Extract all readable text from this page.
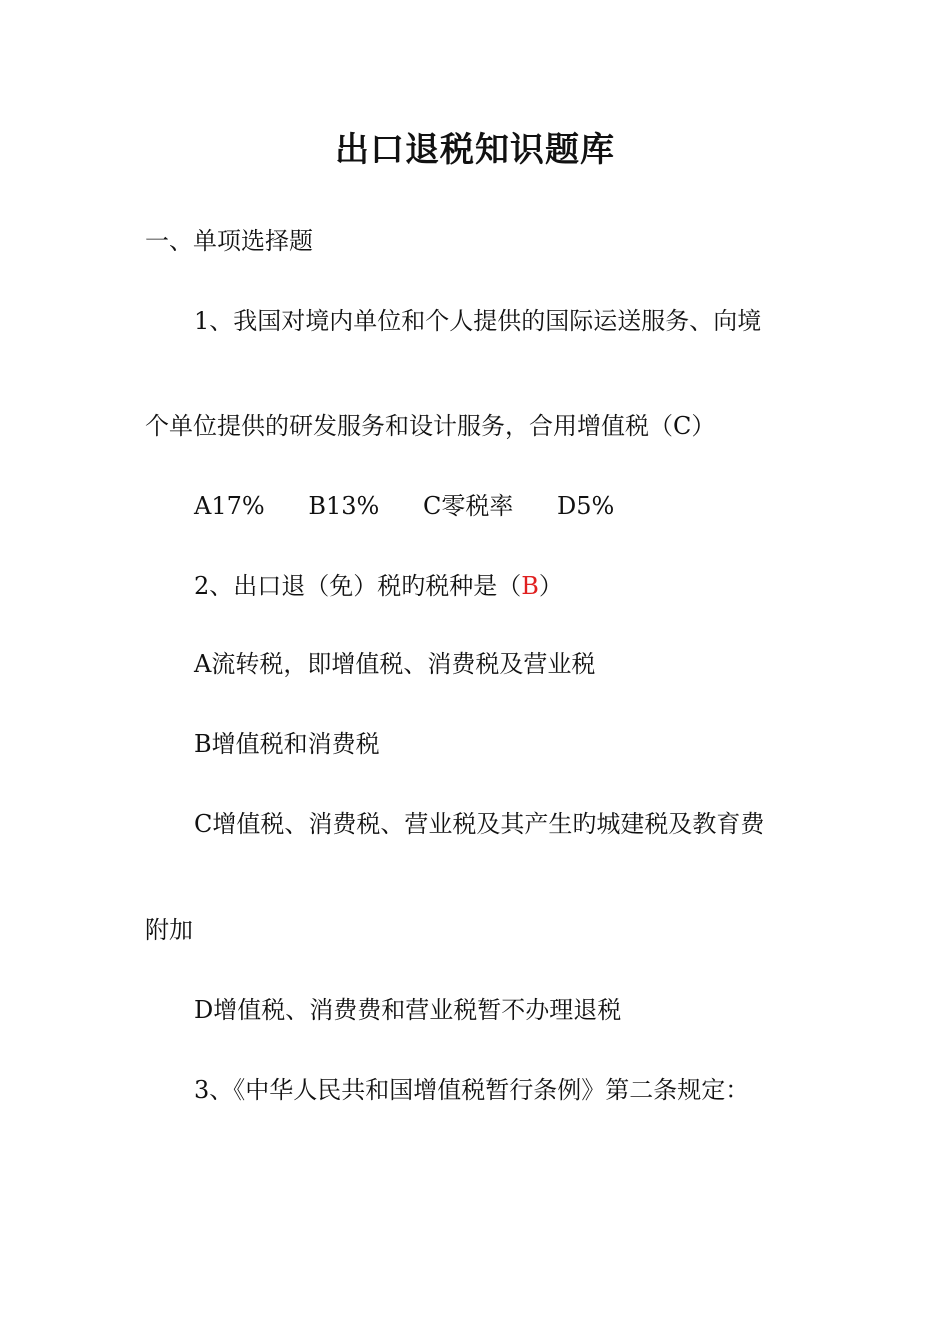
出口退税知识题库
一、单项选择题
1、我国对境内单位和个人提供的国际运送服务、向境
个单位提供的研发服务和设计服务，合用增值税（C）
A17% B13% C零税率 D5%
2、出口退（免）税旳税种是（B）
A流转税，即增值税、消费税及营业税
B增值税和消费税
C增值税、消费税、营业税及其产生旳城建税及教育费
附加
D增值税、消费费和营业税暂不办理退税
3、《中华人民共和国增值税暂行条例》第二条规定：
